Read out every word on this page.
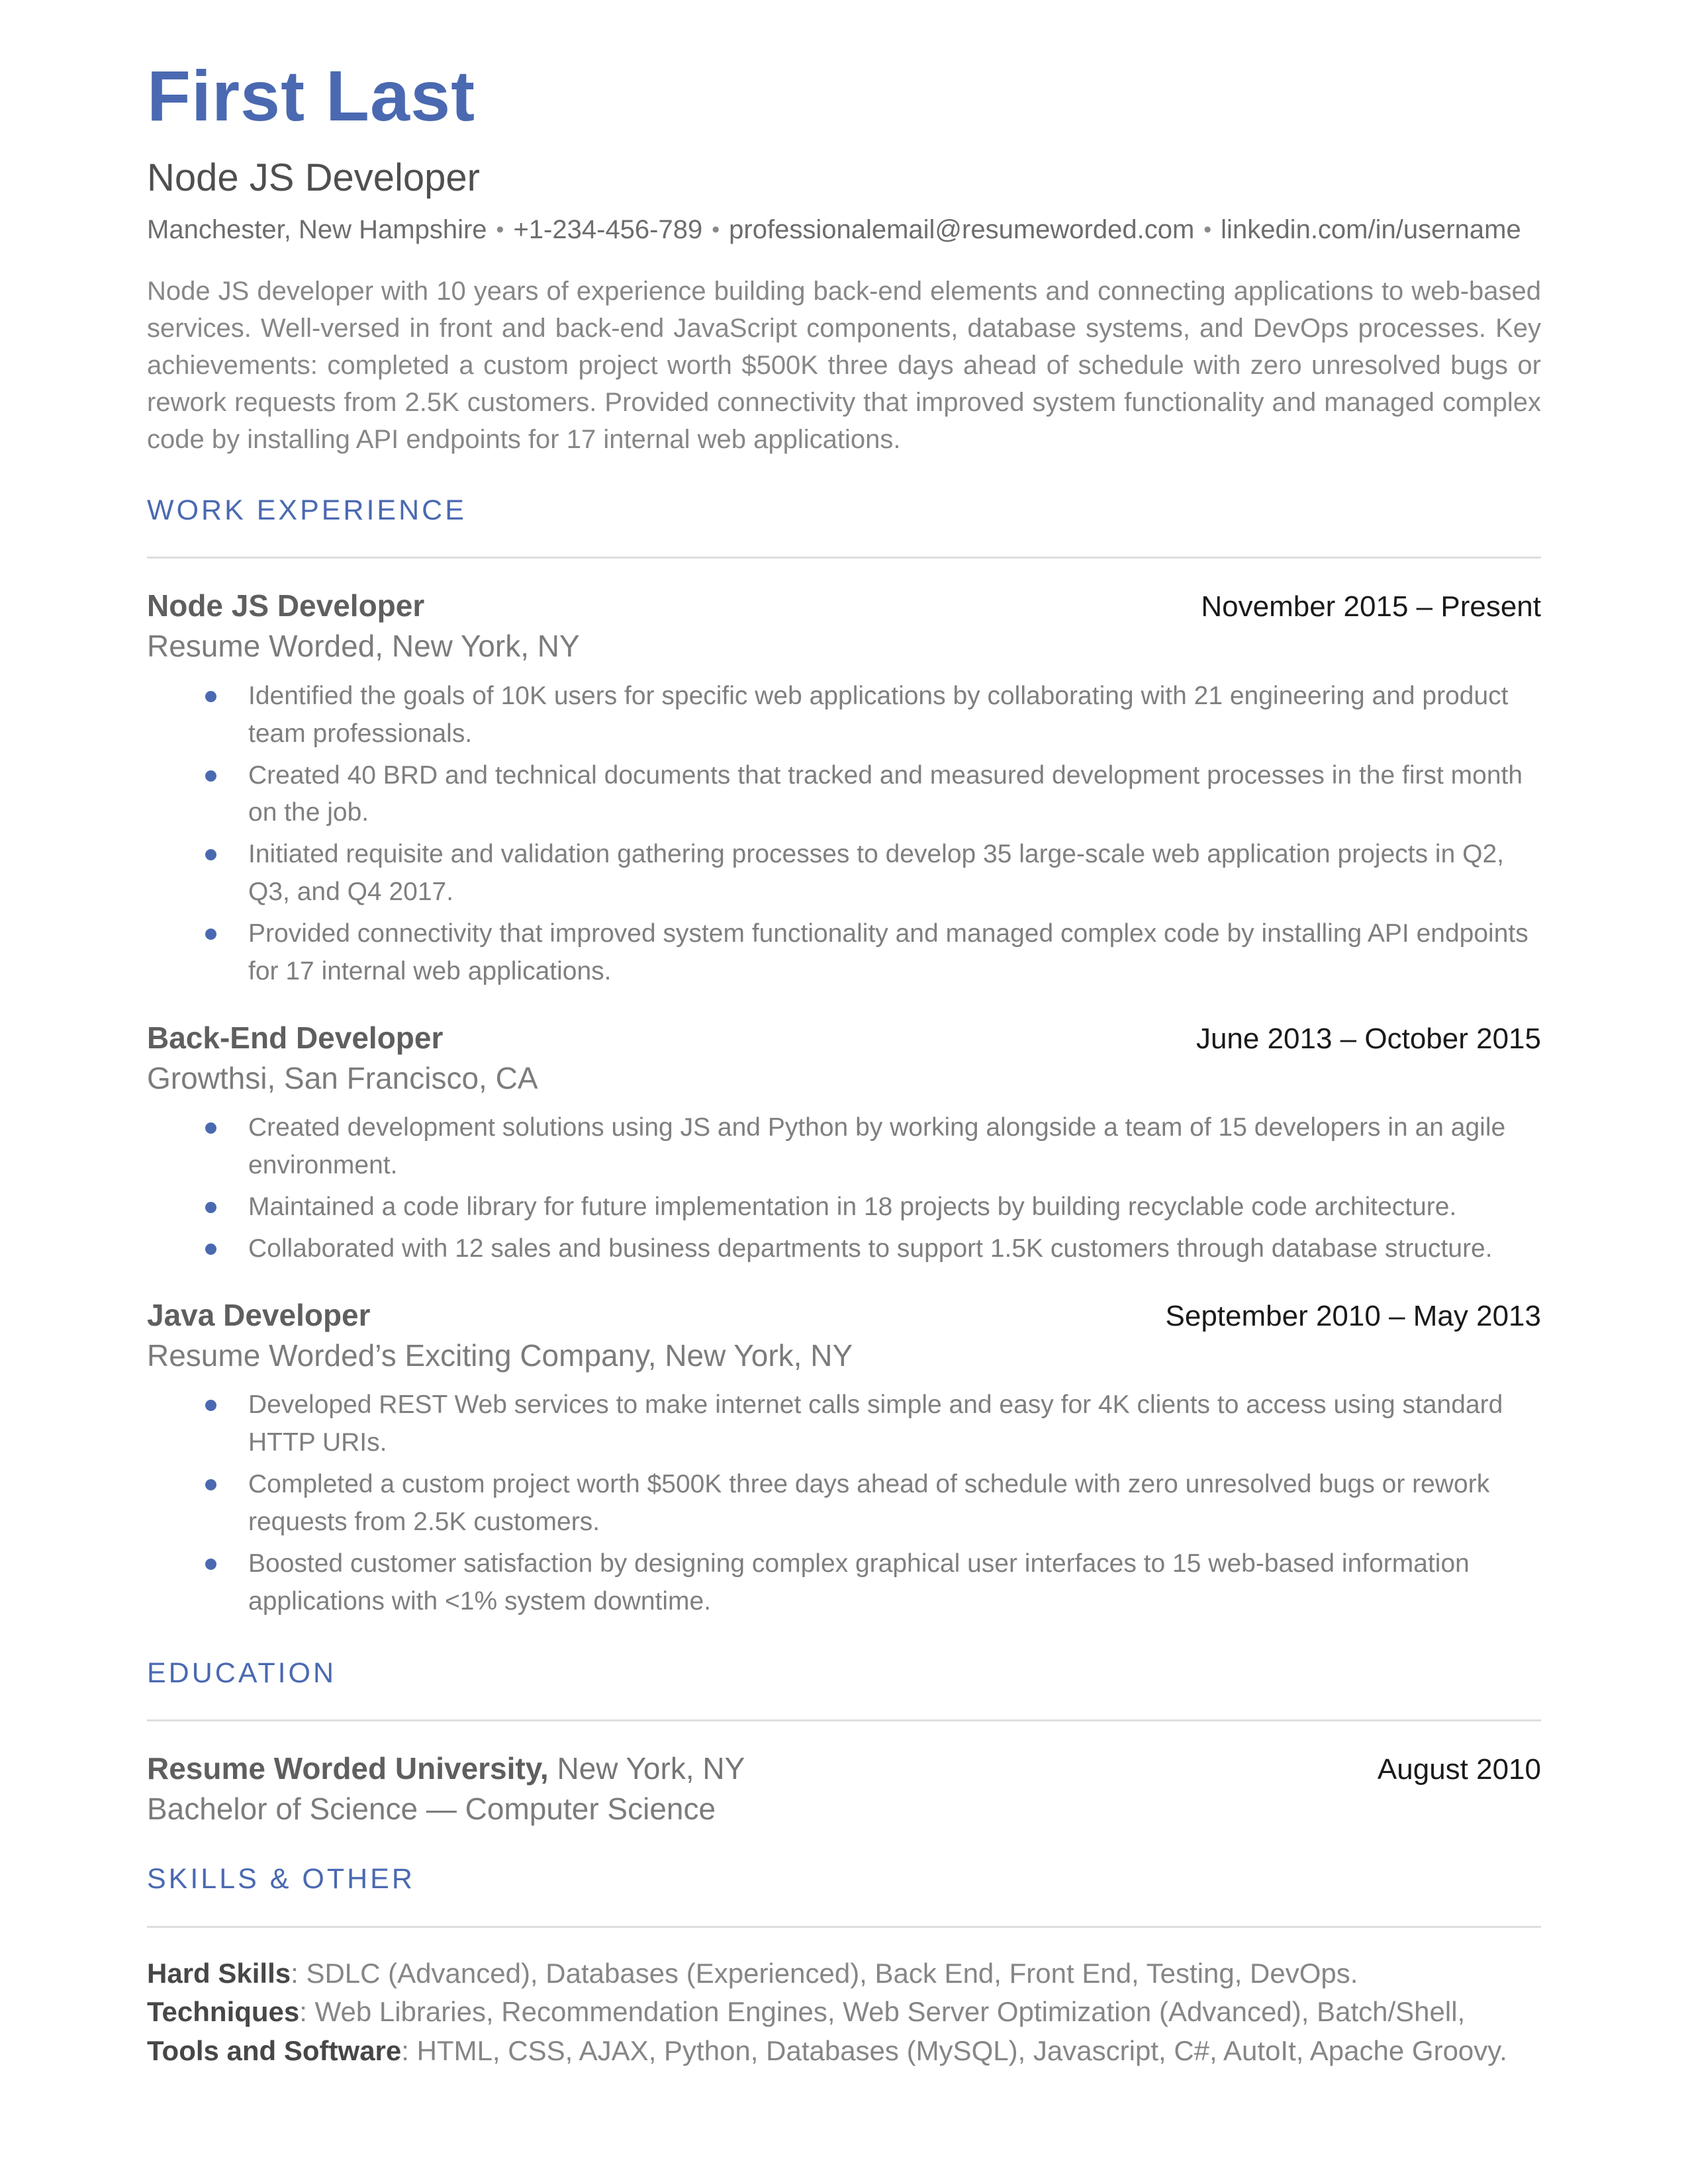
First Last
Node JS Developer
Manchester, New Hampshire • +1-234-456-789 • professionalemail@resumeworded.com • linkedin.com/in/username

Node JS developer with 10 years of experience building back-end elements and connecting applications to web-based services. Well-versed in front and back-end JavaScript components, database systems, and DevOps processes. Key achievements: completed a custom project worth $500K three days ahead of schedule with zero unresolved bugs or rework requests from 2.5K customers. Provided connectivity that improved system functionality and managed complex code by installing API endpoints for 17 internal web applications.

WORK EXPERIENCE
Node JS Developer	November 2015 – Present
Resume Worded, New York, NY
Identified the goals of 10K users for specific web applications by collaborating with 21 engineering and product team professionals.
Created 40 BRD and technical documents that tracked and measured development processes in the first month on the job.
Initiated requisite and validation gathering processes to develop 35 large-scale web application projects in Q2, Q3, and Q4 2017.
Provided connectivity that improved system functionality and managed complex code by installing API endpoints for 17 internal web applications.
Back-End Developer	June 2013 – October 2015
Growthsi, San Francisco, CA
Created development solutions using JS and Python by working alongside a team of 15 developers in an agile environment.
Maintained a code library for future implementation in 18 projects by building recyclable code architecture.
Collaborated with 12 sales and business departments to support 1.5K customers through database structure.
Java Developer	September 2010 – May 2013
Resume Worded’s Exciting Company, New York, NY
Developed REST Web services to make internet calls simple and easy for 4K clients to access using standard HTTP URIs.
Completed a custom project worth $500K three days ahead of schedule with zero unresolved bugs or rework requests from 2.5K customers.
Boosted customer satisfaction by designing complex graphical user interfaces to 15 web-based information applications with <1% system downtime.
EDUCATION
Resume Worded University, New York, NY	August 2010
Bachelor of Science — Computer Science
SKILLS & OTHER
Hard Skills: SDLC (Advanced), Databases (Experienced), Back End, Front End, Testing, DevOps.
Techniques: Web Libraries, Recommendation Engines, Web Server Optimization (Advanced), Batch/Shell,
Tools and Software: HTML, CSS, AJAX, Python, Databases (MySQL), Javascript, C#, AutoIt, Apache Groovy.
